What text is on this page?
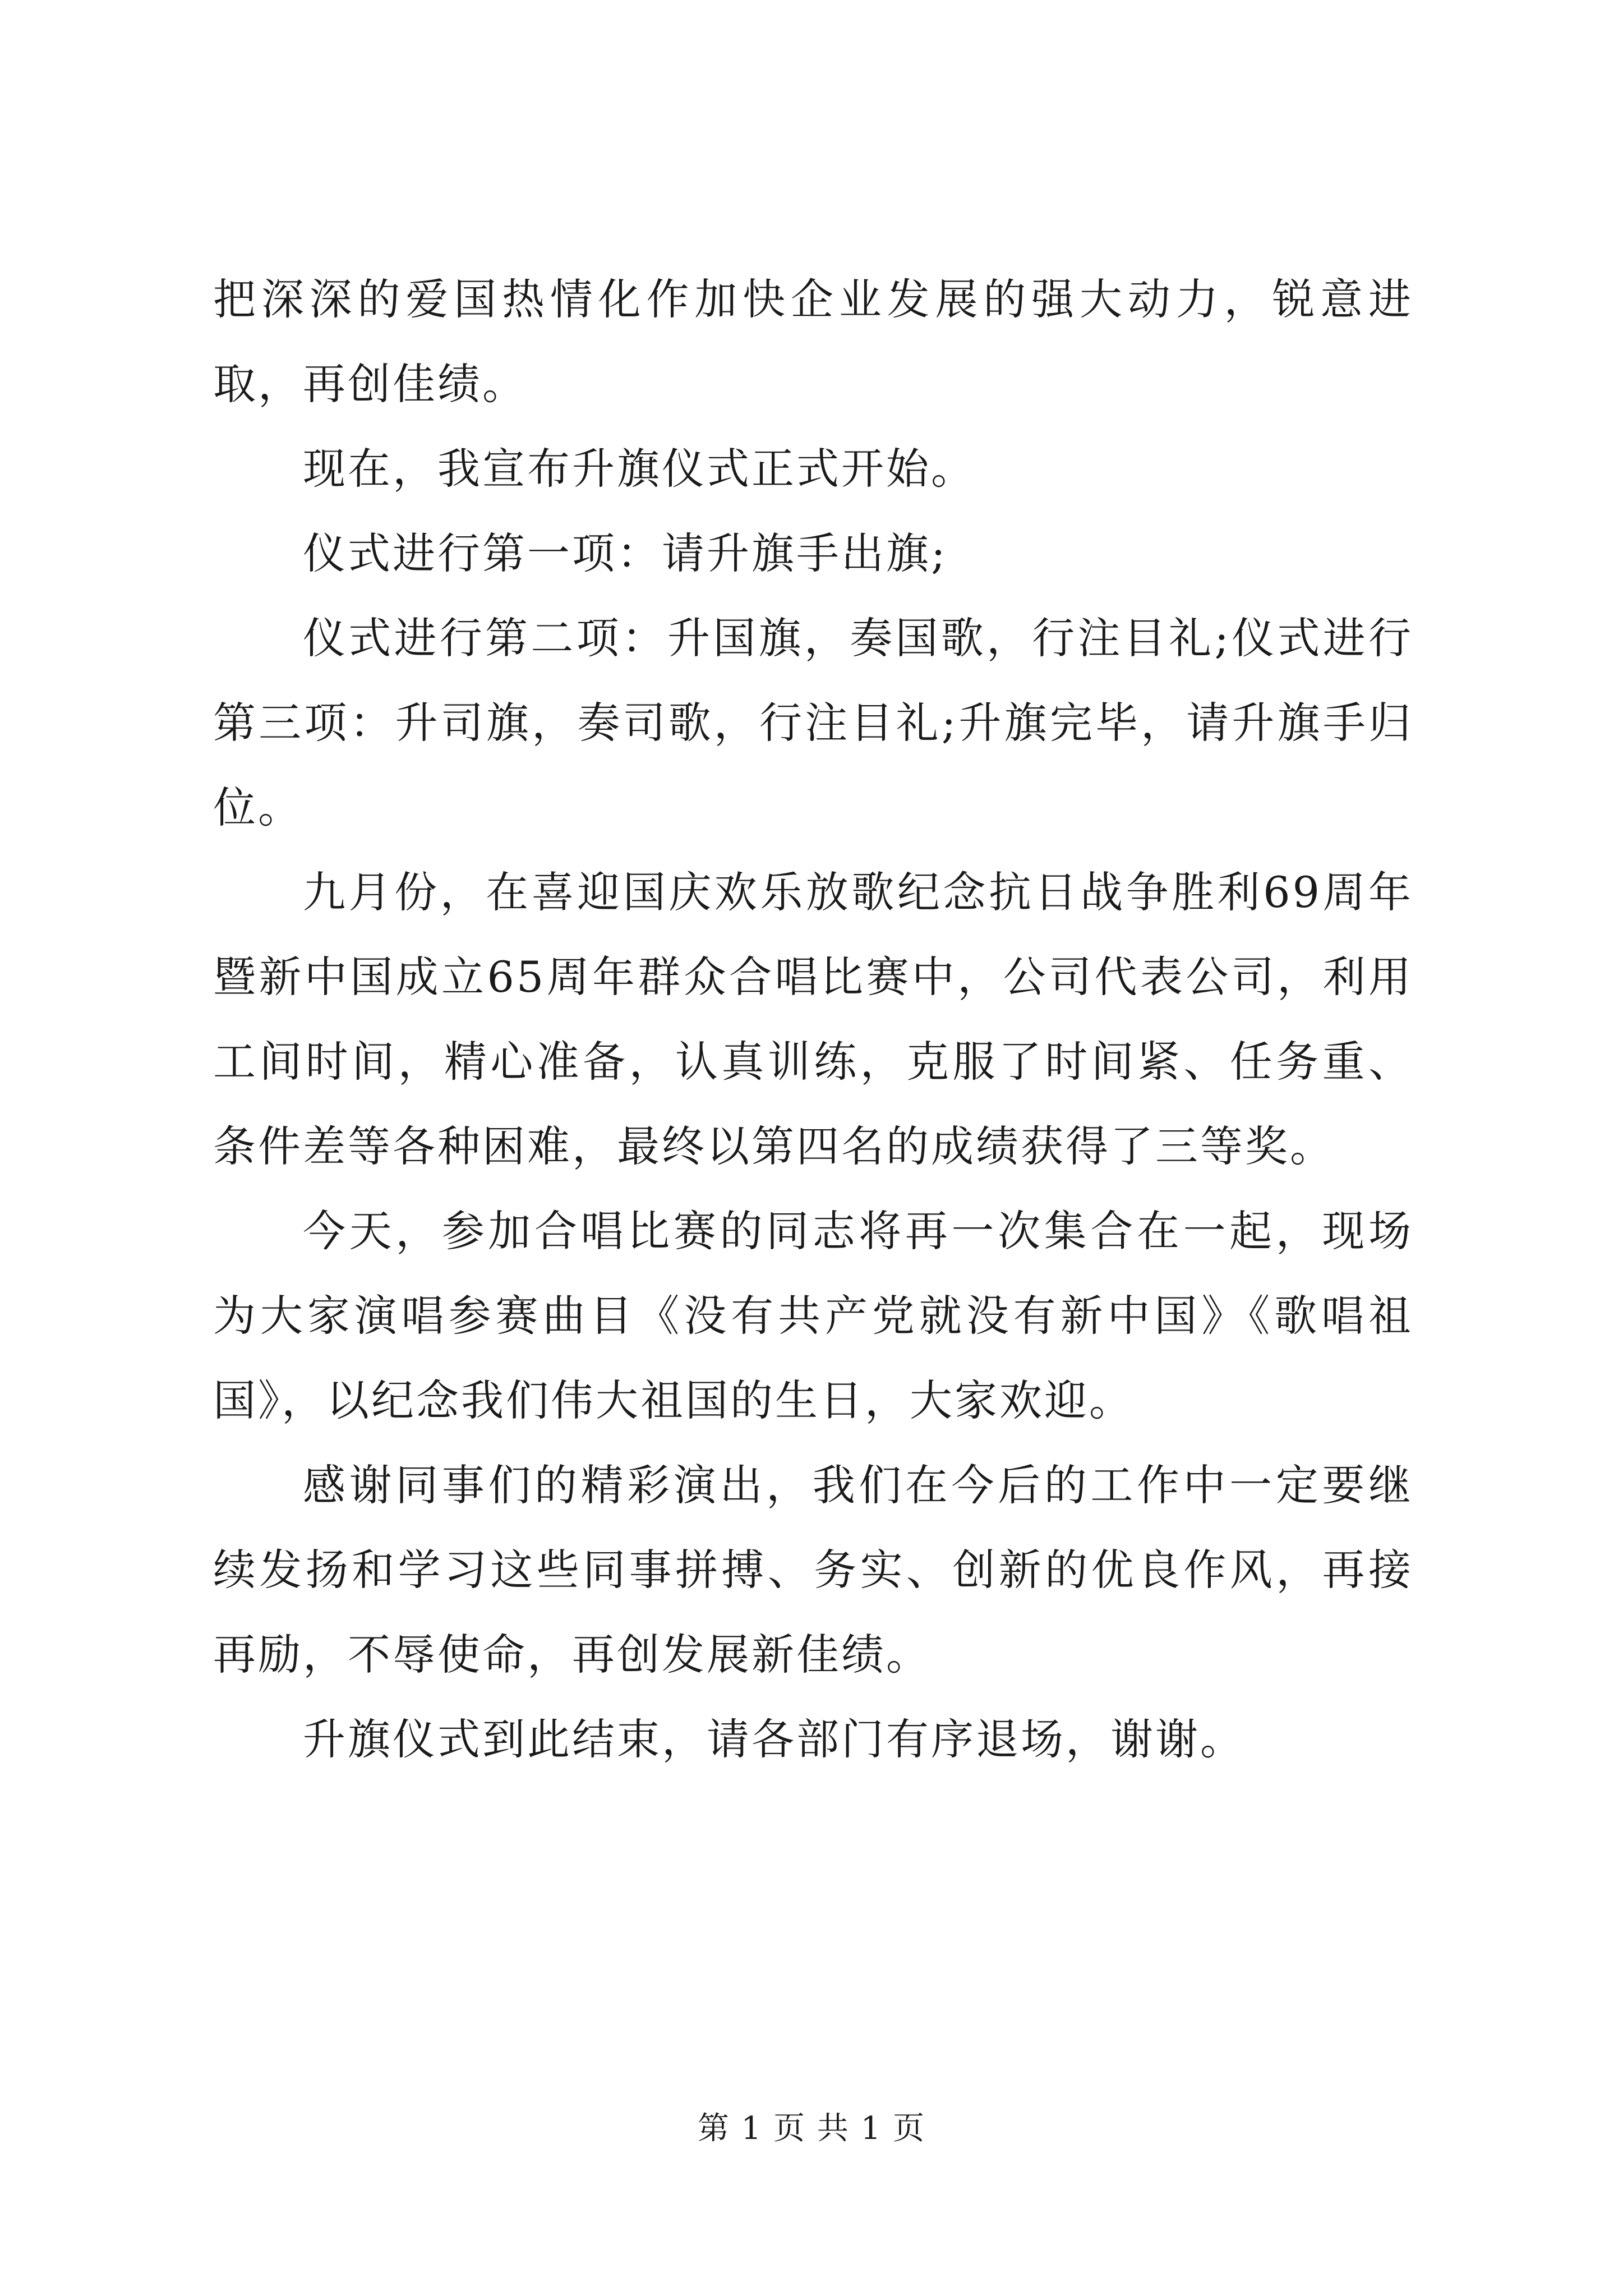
把深深的爱国热情化作加快企业发展的强大动力，锐意进取，再创佳绩。

现在，我宣布升旗仪式正式开始。

仪式进行第一项：请升旗手出旗;

仪式进行第二项：升国旗，奏国歌，行注目礼;仪式进行第三项：升司旗，奏司歌，行注目礼;升旗完毕，请升旗手归位。

九月份，在喜迎国庆欢乐放歌纪念抗日战争胜利69周年暨新中国成立65周年群众合唱比赛中，公司代表公司，利用工间时间，精心准备，认真训练，克服了时间紧、任务重、条件差等各种困难，最终以第四名的成绩获得了三等奖。

今天，参加合唱比赛的同志将再一次集合在一起，现场为大家演唱参赛曲目《没有共产党就没有新中国》《歌唱祖国》，以纪念我们伟大祖国的生日，大家欢迎。

感谢同事们的精彩演出，我们在今后的工作中一定要继续发扬和学习这些同事拼搏、务实、创新的优良作风，再接再励，不辱使命，再创发展新佳绩。

升旗仪式到此结束，请各部门有序退场，谢谢。

第 1 页 共 1 页
